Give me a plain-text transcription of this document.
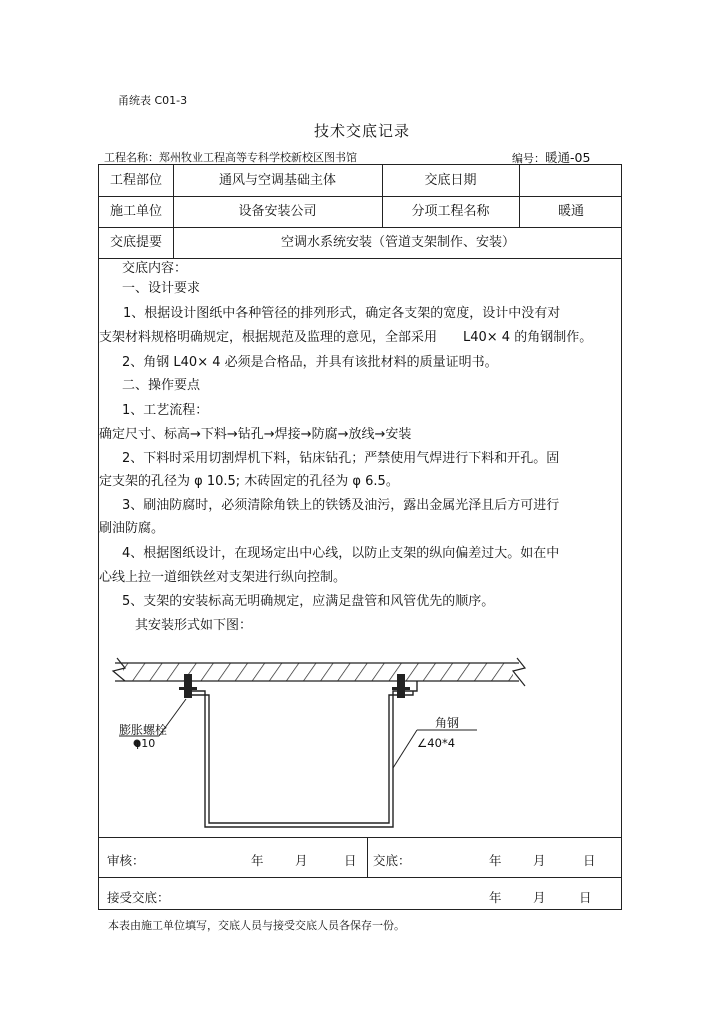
甬统表 C01-3
技术交底记录
工程名称：郑州牧业工程高等专科学校新校区图书馆	编号：暖通-05
工程部位	通风与空调基础主体	交底日期
施工单位	设备安装公司	分项工程名称	暖通
交底提要	空调水系统安装（管道支架制作、安装）

交底内容：

一、设计要求

1、根据设计图纸中各种管径的排列形式，确定各支架的宽度，设计中没有对

支架材料规格明确规定，根据规范及监理的意见，全部采用　　L40× 4 的角钢制作。

2、角钢 L40× 4 必须是合格品，并具有该批材料的质量证明书。

二、操作要点

1、工艺流程：

确定尺寸、标高→下料→钻孔→焊接→防腐→放线→安装

2、下料时采用切割焊机下料，钻床钻孔；严禁使用气焊进行下料和开孔。固

定支架的孔径为 φ 10.5; 木砖固定的孔径为 φ 6.5。

3、刷油防腐时，必须清除角铁上的铁锈及油污，露出金属光泽且后方可进行

刷油防腐。

4、根据图纸设计，在现场定出中心线，以防止支架的纵向偏差过大。如在中

心线上拉一道细铁丝对支架进行纵向控制。

5、支架的安装标高无明确规定，应满足盘管和风管优先的顺序。

其安装形式如下图：

膨胀螺栓
φ10
角钢
∠40*4
审核：	年	月	日 交底：	年	月	日
接受交底：	年	月	日
本表由施工单位填写，交底人员与接受交底人员各保存一份。
